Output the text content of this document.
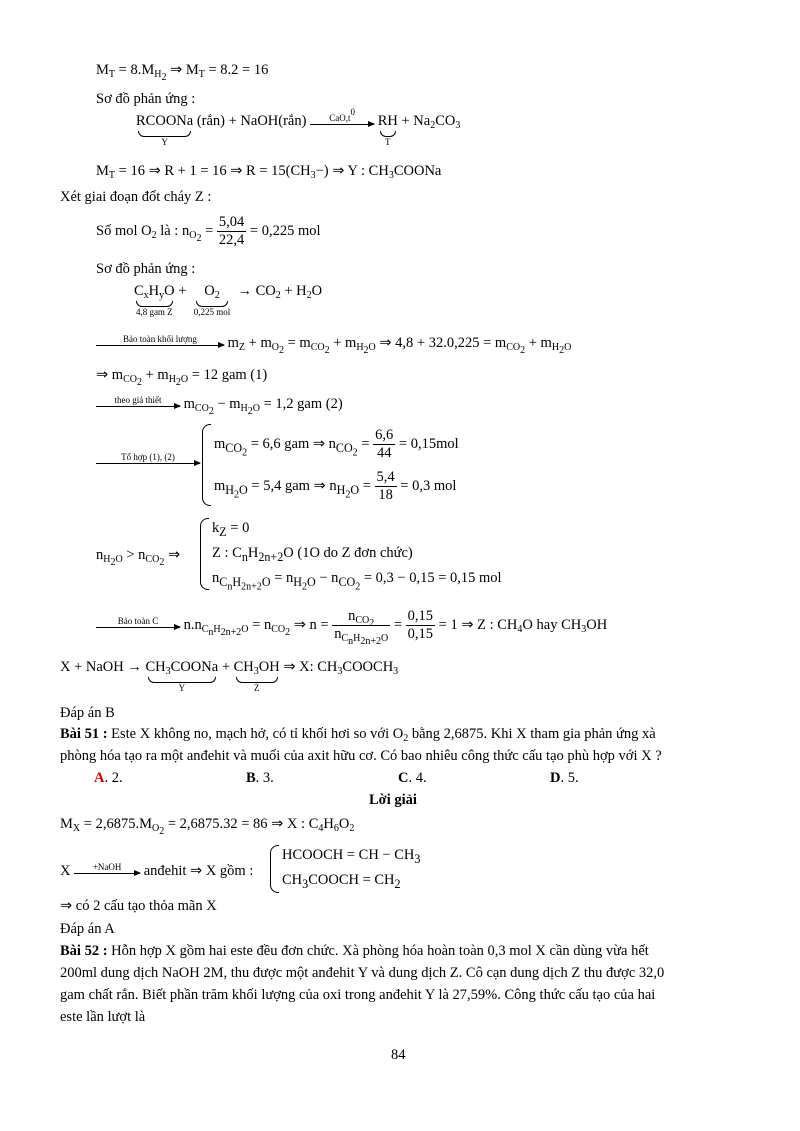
$M_T = 8.M_{H_2}$ ⇒ $M_T = 8.2 = 16$
Sơ đồ phản ứng :
RCOONa
Y
(rắn) + NaOH(rắn)	$CaO,t^0$

RH
T
+ $Na_2CO_3$
$M_T = 16$ ⇒ R + 1 = 16 ⇒ $R = 15(CH_3-)$ ⇒ Y : $CH_3COONa$
Xét giai đoạn đốt cháy Z :
Số mol $O_2$ là : $n_{O_2} = \frac{5,04}{22,4} = 0,225$ mol
Sơ đồ phản ứng :
$C_xH_yO$
4,8 gam Z
+	$O_2$
0,225 mol
→ $CO_2 + H_2O$
Bảo toàn khối lượng	$m_Z + m_{O_2} = m_{CO_2} + m_{H_2O}$ ⇒ $4,8 + 32.0,225 = m_{CO_2} + m_{H_2O}$
⇒ $m_{CO_2} + m_{H_2O} = 12$ gam (1)
theo giả thiết	$m_{CO_2} - m_{H_2O} = 1,2$ gam (2)
Tổ hợp (1), (2)
$m_{CO_2} = 6,6$ gam ⇒ $n_{CO_2} = \frac{6,6}{44} = 0,15mol$
$m_{H_2O} = 5,4$ gam ⇒ $n_{H_2O} = \frac{5,4}{18} = 0,3$ mol
$n_{H_2O} > n_{CO_2}$ ⇒
$k_Z = 0$
Z : $C_nH_{2n+2}O$ (1O do Z đơn chức)
$n_{C_nH_{2n+2}O} = n_{H_2O} - n_{CO_2} = 0,3 - 0,15 = 0,15$ mol
Bảo toàn C	$n.n_{C_nH_{2n+2}O} = n_{CO_2}$ ⇒ $n = \frac{n_{CO_2}}{n_{C_nH_{2n+2}O}} = \frac{0,15}{0,15} = 1$ ⇒ Z : $CH_4O$ hay $CH_3OH$
X + NaOH → $CH_3COONa$
Y
+ $CH_3OH$
Z
⇒ X: $CH_3COOCH_3$
Đáp án B
Bài 51 : Este X không no, mạch hở, có tỉ khối hơi so với $O_2$ bằng 2,6875. Khi X tham gia phản ứng xà
phòng hóa tạo ra một anđehit và muối của axit hữu cơ. Có bao nhiêu công thức cấu tạo phù hợp với X ?
A. 2.	B. 3.	C. 4.	D. 5.
Lời giải
$M_X = 2,6875.M_{O_2} = 2,6875.32 = 86$ ⇒ X : $C_4H_6O_2$
X	+NaOH	anđehit ⇒ X gồm :
HCOOCH = CH − $CH_3$
$CH_3COOCH = CH_2$
⇒ có 2 cấu tạo thỏa mãn X
Đáp án A
Bài 52 : Hỗn hợp X gồm hai este đều đơn chức. Xà phòng hóa hoàn toàn 0,3 mol X cần dùng vừa hết
200ml dung dịch NaOH 2M, thu được một anđehit Y và dung dịch Z. Cô cạn dung dịch Z thu được 32,0
gam chất rắn. Biết phần trăm khối lượng của oxi trong anđehit Y là 27,59%. Công thức cấu tạo của hai
este lần lượt là
84
